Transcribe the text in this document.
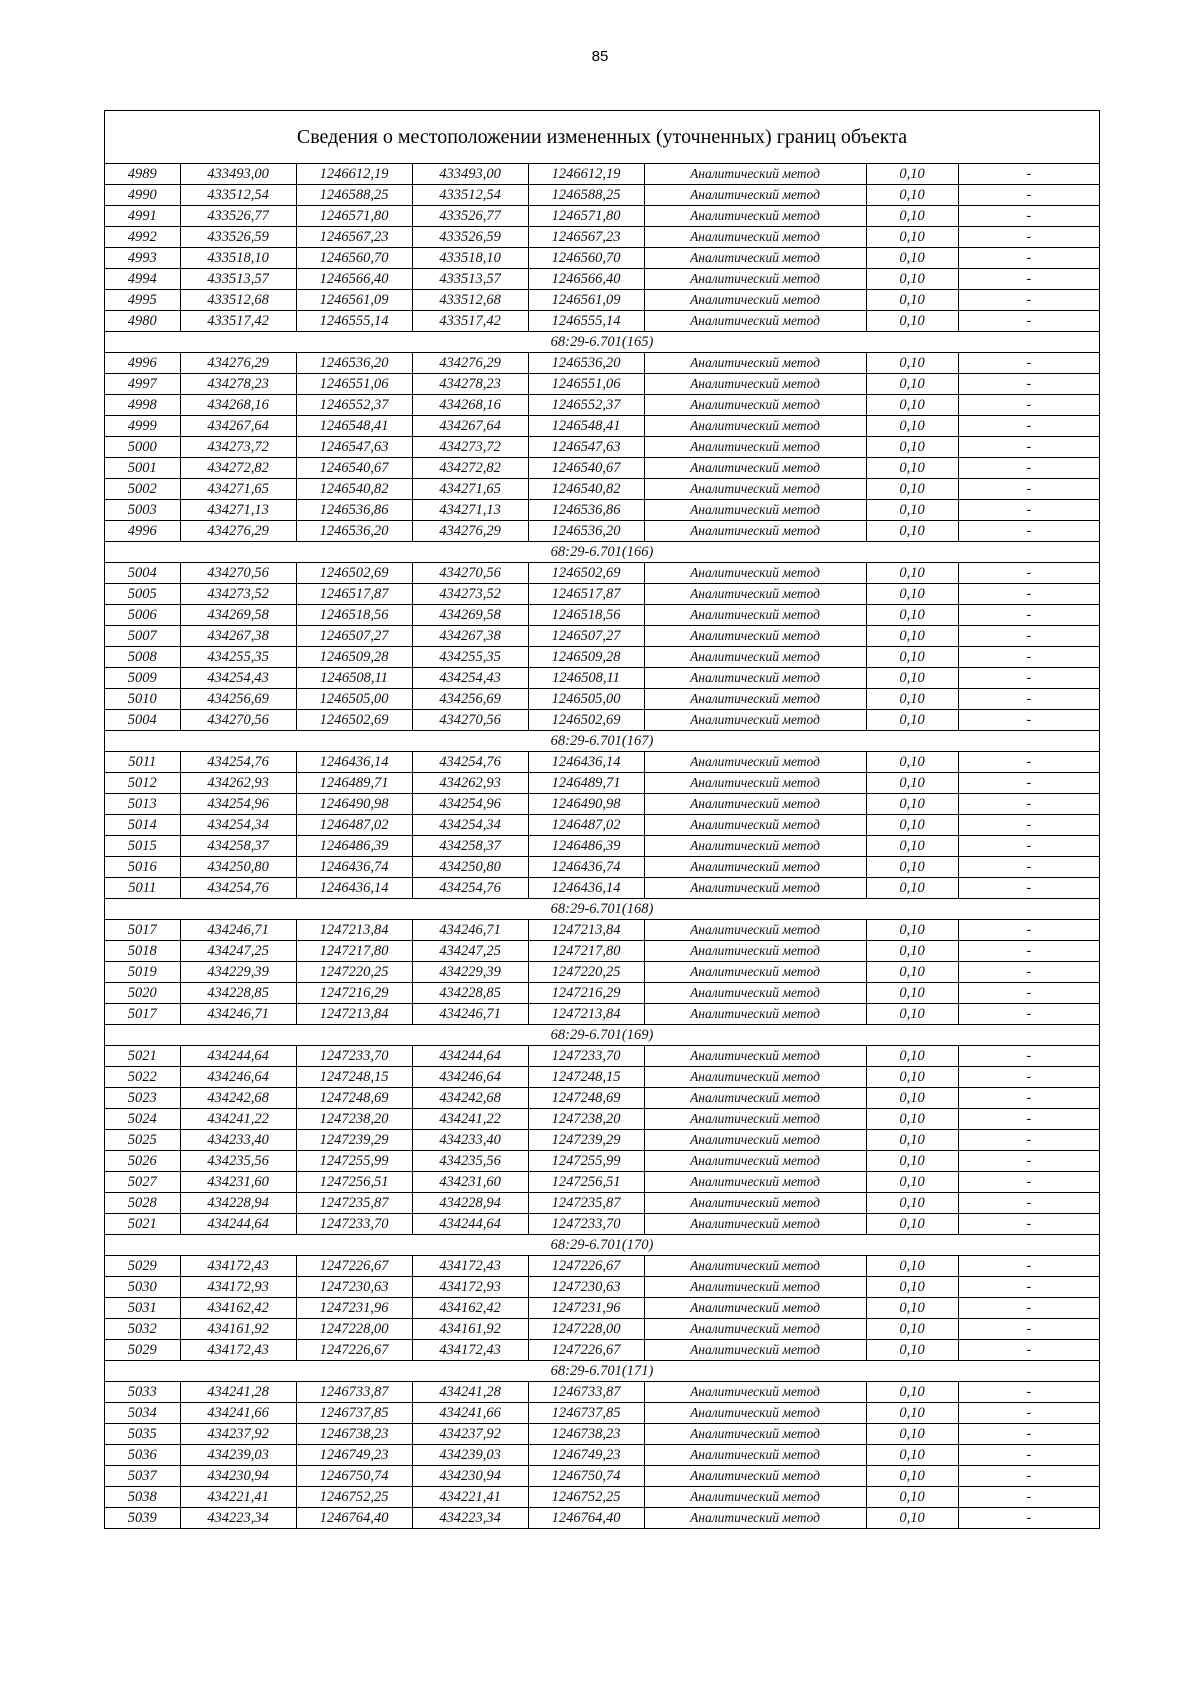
85
Сведения о местоположении измененных (уточненных) границ объекта
4989	433493,00	1246612,19	433493,00	1246612,19	Аналитический метод	0,10	-
4990	433512,54	1246588,25	433512,54	1246588,25	Аналитический метод	0,10	-
4991	433526,77	1246571,80	433526,77	1246571,80	Аналитический метод	0,10	-
4992	433526,59	1246567,23	433526,59	1246567,23	Аналитический метод	0,10	-
4993	433518,10	1246560,70	433518,10	1246560,70	Аналитический метод	0,10	-
4994	433513,57	1246566,40	433513,57	1246566,40	Аналитический метод	0,10	-
4995	433512,68	1246561,09	433512,68	1246561,09	Аналитический метод	0,10	-
4980	433517,42	1246555,14	433517,42	1246555,14	Аналитический метод	0,10	-
68:29-6.701(165)							
4996	434276,29	1246536,20	434276,29	1246536,20	Аналитический метод	0,10	-
4997	434278,23	1246551,06	434278,23	1246551,06	Аналитический метод	0,10	-
4998	434268,16	1246552,37	434268,16	1246552,37	Аналитический метод	0,10	-
4999	434267,64	1246548,41	434267,64	1246548,41	Аналитический метод	0,10	-
5000	434273,72	1246547,63	434273,72	1246547,63	Аналитический метод	0,10	-
5001	434272,82	1246540,67	434272,82	1246540,67	Аналитический метод	0,10	-
5002	434271,65	1246540,82	434271,65	1246540,82	Аналитический метод	0,10	-
5003	434271,13	1246536,86	434271,13	1246536,86	Аналитический метод	0,10	-
4996	434276,29	1246536,20	434276,29	1246536,20	Аналитический метод	0,10	-
68:29-6.701(166)							
5004	434270,56	1246502,69	434270,56	1246502,69	Аналитический метод	0,10	-
5005	434273,52	1246517,87	434273,52	1246517,87	Аналитический метод	0,10	-
5006	434269,58	1246518,56	434269,58	1246518,56	Аналитический метод	0,10	-
5007	434267,38	1246507,27	434267,38	1246507,27	Аналитический метод	0,10	-
5008	434255,35	1246509,28	434255,35	1246509,28	Аналитический метод	0,10	-
5009	434254,43	1246508,11	434254,43	1246508,11	Аналитический метод	0,10	-
5010	434256,69	1246505,00	434256,69	1246505,00	Аналитический метод	0,10	-
5004	434270,56	1246502,69	434270,56	1246502,69	Аналитический метод	0,10	-
68:29-6.701(167)							
5011	434254,76	1246436,14	434254,76	1246436,14	Аналитический метод	0,10	-
5012	434262,93	1246489,71	434262,93	1246489,71	Аналитический метод	0,10	-
5013	434254,96	1246490,98	434254,96	1246490,98	Аналитический метод	0,10	-
5014	434254,34	1246487,02	434254,34	1246487,02	Аналитический метод	0,10	-
5015	434258,37	1246486,39	434258,37	1246486,39	Аналитический метод	0,10	-
5016	434250,80	1246436,74	434250,80	1246436,74	Аналитический метод	0,10	-
5011	434254,76	1246436,14	434254,76	1246436,14	Аналитический метод	0,10	-
68:29-6.701(168)							
5017	434246,71	1247213,84	434246,71	1247213,84	Аналитический метод	0,10	-
5018	434247,25	1247217,80	434247,25	1247217,80	Аналитический метод	0,10	-
5019	434229,39	1247220,25	434229,39	1247220,25	Аналитический метод	0,10	-
5020	434228,85	1247216,29	434228,85	1247216,29	Аналитический метод	0,10	-
5017	434246,71	1247213,84	434246,71	1247213,84	Аналитический метод	0,10	-
68:29-6.701(169)							
5021	434244,64	1247233,70	434244,64	1247233,70	Аналитический метод	0,10	-
5022	434246,64	1247248,15	434246,64	1247248,15	Аналитический метод	0,10	-
5023	434242,68	1247248,69	434242,68	1247248,69	Аналитический метод	0,10	-
5024	434241,22	1247238,20	434241,22	1247238,20	Аналитический метод	0,10	-
5025	434233,40	1247239,29	434233,40	1247239,29	Аналитический метод	0,10	-
5026	434235,56	1247255,99	434235,56	1247255,99	Аналитический метод	0,10	-
5027	434231,60	1247256,51	434231,60	1247256,51	Аналитический метод	0,10	-
5028	434228,94	1247235,87	434228,94	1247235,87	Аналитический метод	0,10	-
5021	434244,64	1247233,70	434244,64	1247233,70	Аналитический метод	0,10	-
68:29-6.701(170)							
5029	434172,43	1247226,67	434172,43	1247226,67	Аналитический метод	0,10	-
5030	434172,93	1247230,63	434172,93	1247230,63	Аналитический метод	0,10	-
5031	434162,42	1247231,96	434162,42	1247231,96	Аналитический метод	0,10	-
5032	434161,92	1247228,00	434161,92	1247228,00	Аналитический метод	0,10	-
5029	434172,43	1247226,67	434172,43	1247226,67	Аналитический метод	0,10	-
68:29-6.701(171)							
5033	434241,28	1246733,87	434241,28	1246733,87	Аналитический метод	0,10	-
5034	434241,66	1246737,85	434241,66	1246737,85	Аналитический метод	0,10	-
5035	434237,92	1246738,23	434237,92	1246738,23	Аналитический метод	0,10	-
5036	434239,03	1246749,23	434239,03	1246749,23	Аналитический метод	0,10	-
5037	434230,94	1246750,74	434230,94	1246750,74	Аналитический метод	0,10	-
5038	434221,41	1246752,25	434221,41	1246752,25	Аналитический метод	0,10	-
5039	434223,34	1246764,40	434223,34	1246764,40	Аналитический метод	0,10	-
